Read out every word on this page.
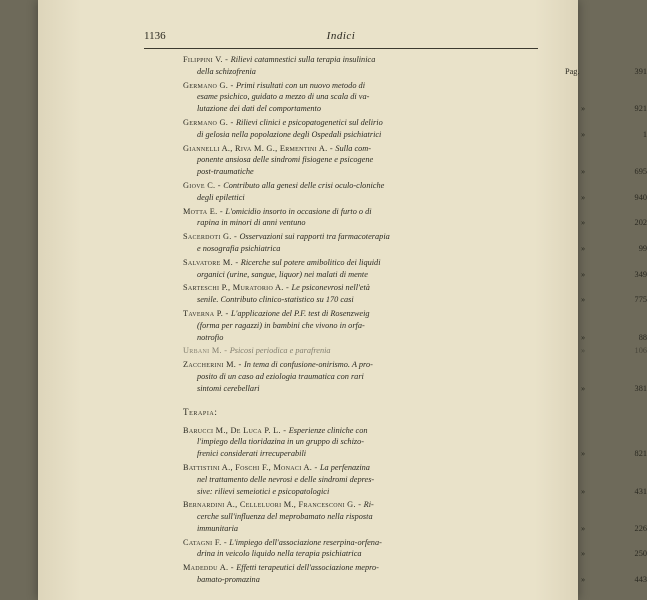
1136	Indici
Filippini V. - Rilievi catamnestici sulla terapia insulinica
della schizofrenia	Pag.	391
Germano G. - Primi risultati con un nuovo metodo di
esame psichico, guidato a mezzo di una scala di va-
lutazione dei dati del comportamento	»	921
Germano G. - Rilievi clinici e psicopatogenetici sul delirio
di gelosia nella popolazione degli Ospedali psichiatrici	»	1
Giannelli A., Riva M. G., Ermentini A. - Sulla com-
ponente ansiosa delle sindromi fisiogene e psicogene
post-traumatiche	»	695
Giove C. - Contributo alla genesi delle crisi oculo-cloniche
degli epilettici	»	940
Motta E. - L'omicidio insorto in occasione di furto o di
rapina in minori di anni ventuno	»	202
Sacerdoti G. - Osservazioni sui rapporti tra farmacoterapia
e nosografia psichiatrica	»	99
Salvatore M. - Ricerche sul potere amibolitico dei liquidi
organici (urine, sangue, liquor) nei malati di mente	»	349
Sarteschi P., Muratorio A. - Le psiconevrosi nell'età
senile. Contributo clinico-statistico su 170 casi	»	775
Taverna P. - L'applicazione del P.F. test di Rosenzweig
(forma per ragazzi) in bambini che vivono in orfa-
notrofio	»	88
Urbani M. - Psicosi periodica e parafrenia	»	106
Zaccherini M. - In tema di confusione-onirismo. A pro-
posito di un caso ad eziologia traumatica con rari
sintomi cerebellari	»	381
Terapia:
Barucci M., De Luca P. L. - Esperienze cliniche con
l'impiego della tioridazina in un gruppo di schizo-
frenici considerati irrecuperabili	»	821
Battistini A., Foschi F., Monaci A. - La perfenazina
nel trattamento delle nevrosi e delle sindromi depres-
sive: rilievi semeiotici e psicopatologici	»	431
Bernardini A., Celleluori M., Francesconi G. - Ri-
cerche sull'influenza del meprobamato nella risposta
immunitaria	»	226
Catagni F. - L'impiego dell'associazione reserpina-orfena-
drina in veicolo liquido nella terapia psichiatrica	»	250
Madeddu A. - Effetti terapeutici dell'associazione mepro-
bamato-promazina	»	443
